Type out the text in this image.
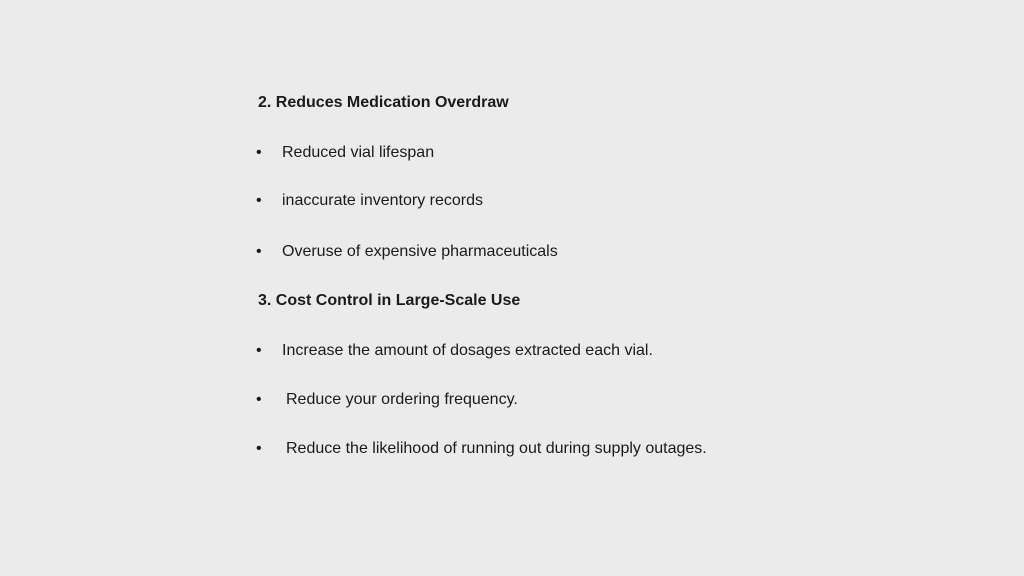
2. Reduces Medication Overdraw
•	Reduced vial lifespan
•	inaccurate inventory records
•	Overuse of expensive pharmaceuticals
3. Cost Control in Large-Scale Use
•	Increase the amount of dosages extracted each vial.
•	Reduce your ordering frequency.
•	Reduce the likelihood of running out during supply outages.
